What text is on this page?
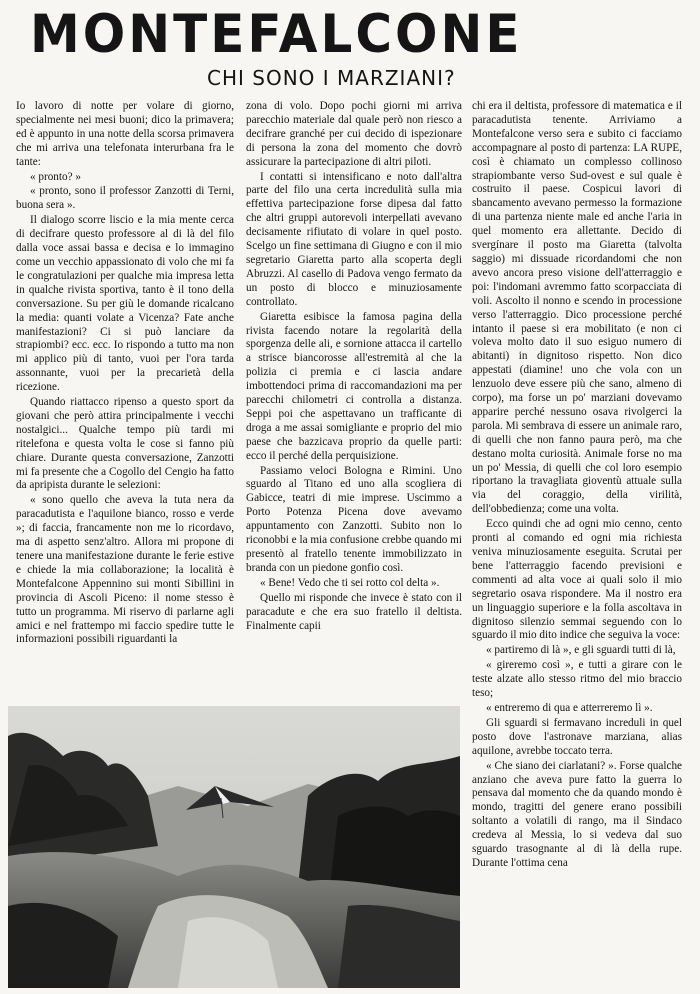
MONTEFALCONE
CHI SONO I MARZIANI?

Io lavoro di notte per volare di giorno, specialmente nei mesi buoni; dico la primavera; ed è appunto in una notte della scorsa primavera che mi arriva una telefonata interurbana fra le tante:

« pronto? »

« pronto, sono il professor Zanzotti di Terni, buona sera ».

Il dialogo scorre liscio e la mia mente cerca di decifrare questo professore al di là del filo dalla voce assai bassa e decisa e lo immagino come un vecchio appassionato di volo che mi fa le congratulazioni per qualche mia impresa letta in qualche rivista sportiva, tanto è il tono della conversazione. Su per giù le domande ricalcano la media: quanti volate a Vicenza? Fate anche manifestazioni? Ci si può lanciare da strapiombi? ecc. ecc. Io rispondo a tutto ma non mi applico più di tanto, vuoi per l'ora tarda assonnante, vuoi per la precarietà della ricezione.

Quando riattacco ripenso a questo sport da giovani che però attira principalmente i vecchi nostalgici... Qualche tempo più tardi mi ritelefona e questa volta le cose si fanno più chiare. Durante questa conversazione, Zanzotti mi fa presente che a Cogollo del Cengio ha fatto da apripista durante le selezioni:

« sono quello che aveva la tuta nera da paracadutista e l'aquilone bianco, rosso e verde »; di faccia, francamente non me lo ricordavo, ma di aspetto senz'altro. Allora mi propone di tenere una manifestazione durante le ferie estive e chiede la mia collaborazione; la località è Montefalcone Appennino sui monti Sibillini in provincia di Ascoli Piceno: il nome stesso è tutto un programma. Mi riservo di parlarne agli amici e nel frattempo mi faccio spedire tutte le informazioni possibili riguardanti la

zona di volo. Dopo pochi giorni mi arriva parecchio materiale dal quale però non riesco a decifrare granché per cui decido di ispezionare di persona la zona del momento che dovrò assicurare la partecipazione di altri piloti.

I contatti si intensificano e noto dall'altra parte del filo una certa incredulità sulla mia effettiva partecipazione forse dipesa dal fatto che altri gruppi autorevoli interpellati avevano decisamente rifiutato di volare in quel posto. Scelgo un fine settimana di Giugno e con il mio segretario Giaretta parto alla scoperta degli Abruzzi. Al casello di Padova vengo fermato da un posto di blocco e minuziosamente controllato.

Giaretta esibisce la famosa pagina della rivista facendo notare la regolarità della sporgenza delle ali, e sornione attacca il cartello a strisce biancorosse all'estremità al che la polizia ci premia e ci lascia andare imbottendoci prima di raccomandazioni ma per parecchi chilometri ci controlla a distanza. Seppi poi che aspettavano un trafficante di droga a me assai somigliante e proprio del mio paese che bazzicava proprio da quelle parti: ecco il perché della perquisizione.

Passiamo veloci Bologna e Rimini. Uno sguardo al Titano ed uno alla scogliera di Gabicce, teatri di mie imprese. Uscimmo a Porto Potenza Picena dove avevamo appuntamento con Zanzotti. Subito non lo riconobbi e la mia confusione crebbe quando mi presentò al fratello tenente immobilizzato in branda con un piedone gonfio così.

« Bene! Vedo che ti sei rotto col delta ».

Quello mi risponde che invece è stato con il paracadute e che era suo fratello il deltista. Finalmente capii

chi era il deltista, professore di matematica e il paracadutista tenente. Arriviamo a Montefalcone verso sera e subito ci facciamo accompagnare al posto di partenza: LA RUPE, così è chiamato un complesso collinoso strapiombante verso Sud-ovest e sul quale è costruito il paese. Cospicui lavori di sbancamento avevano permesso la formazione di una partenza niente male ed anche l'aria in quel momento era allettante. Decido di svergínare il posto ma Giaretta (talvolta saggio) mi dissuade ricordandomi che non avevo ancora preso visione dell'atterraggio e poi: l'indomani avremmo fatto scorpacciata di voli. Ascolto il nonno e scendo in processione verso l'atterraggio. Dico processione perché intanto il paese si era mobilitato (e non ci voleva molto dato il suo esiguo numero di abitanti) in dignitoso rispetto. Non dico appestati (diamine! uno che vola con un lenzuolo deve essere più che sano, almeno di corpo), ma forse un po' marziani dovevamo apparire perché nessuno osava rivolgerci la parola. Mi sembrava di essere un animale raro, di quelli che non fanno paura però, ma che destano molta curiosità. Animale forse no ma un po' Messia, di quelli che col loro esempio riportano la travagliata gioventù attuale sulla via del coraggio, della virilità, dell'obbedienza; come una volta.

Ecco quindi che ad ogni mio cenno, cento pronti al comando ed ogni mia richiesta veniva minuziosamente eseguita. Scrutai per bene l'atterraggio facendo previsioni e commenti ad alta voce ai quali solo il mio segretario osava rispondere. Ma il nostro era un linguaggio superiore e la folla ascoltava in dignitoso silenzio semmai seguendo con lo sguardo il mio dito indice che seguiva la voce:

« partiremo di là », e gli sguardi tutti di là,

« gireremo così », e tutti a girare con le teste alzate allo stesso ritmo del mio braccio teso;

« entreremo di qua e atterreremo lì ».

Gli sguardi si fermavano increduli in quel posto dove l'astronave marziana, alias aquilone, avrebbe toccato terra.

« Che siano dei ciarlatani? ». Forse qualche anziano che aveva pure fatto la guerra lo pensava dal momento che da quando mondo è mondo, tragitti del genere erano possibili soltanto a volatili di rango, ma il Sindaco credeva al Messia, lo si vedeva dal suo sguardo trasognante al di là della rupe. Durante l'ottima cena
